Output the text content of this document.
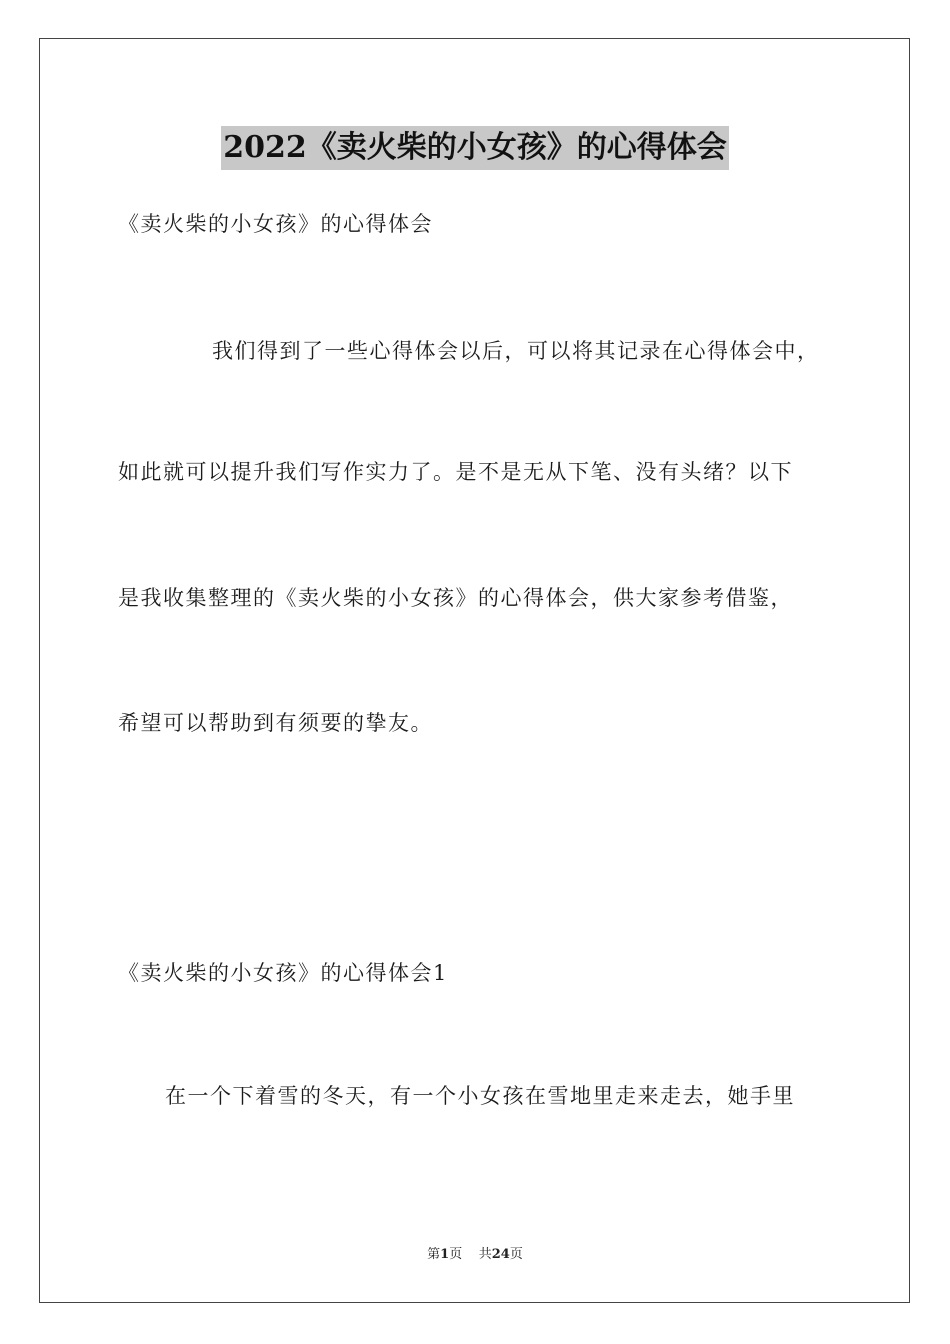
2022《卖火柴的小女孩》的心得体会
《卖火柴的小女孩》的心得体会
我们得到了一些心得体会以后，可以将其记录在心得体会中，
如此就可以提升我们写作实力了。是不是无从下笔、没有头绪？以下
是我收集整理的《卖火柴的小女孩》的心得体会，供大家参考借鉴，
希望可以帮助到有须要的挚友。
《卖火柴的小女孩》的心得体会1
在一个下着雪的冬天，有一个小女孩在雪地里走来走去，她手里
第1页 共24页
